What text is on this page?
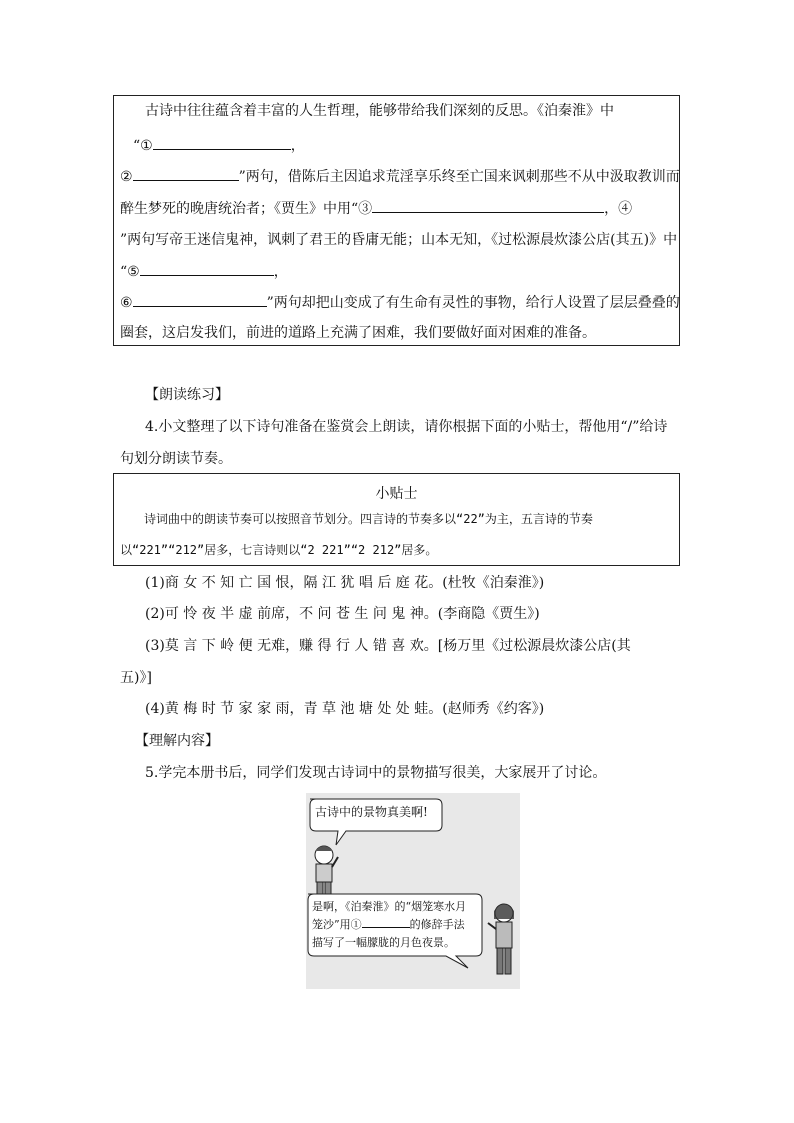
古诗中往往蕴含着丰富的人生哲理，能够带给我们深刻的反思。《泊秦淮》中
“①	，
②	”两句，借陈后主因追求荒淫享乐终至亡国来讽刺那些不从中汲取教训而
醉生梦死的晚唐统治者；《贾生》中用“③	，④
”两句写帝王迷信鬼神，讽刺了君王的昏庸无能；山本无知，《过松源晨炊漆公店(其五)》中
“⑤	，
⑥	”两句却把山变成了有生命有灵性的事物，给行人设置了层层叠叠的
圈套，这启发我们，前进的道路上充满了困难，我们要做好面对困难的准备。
【朗读练习】
4.小文整理了以下诗句准备在鉴赏会上朗读，请你根据下面的小贴士，帮他用“/”给诗
句划分朗读节奏。
小贴士
诗词曲中的朗读节奏可以按照音节划分。四言诗的节奏多以“22”为主，五言诗的节奏
以“221”“212”居多，七言诗则以“2 221”“2 212”居多。
(1)商 女 不 知 亡 国 恨，隔 江 犹 唱 后 庭 花。(杜牧《泊秦淮》)
(2)可 怜 夜 半 虚 前席，不 问 苍 生 问 鬼 神。(李商隐《贾生》)
(3)莫 言 下 岭 便 无难，赚 得 行 人 错 喜 欢。[杨万里《过松源晨炊漆公店(其
五)》]
(4)黄 梅 时 节 家 家 雨，青 草 池 塘 处 处 蛙。(赵师秀《约客》)
【理解内容】
5.学完本册书后，同学们发现古诗词中的景物描写很美，大家展开了讨论。
古诗中的景物真美啊!
是啊，《泊秦淮》的“烟笼寒水月
笼沙”用①	的修辞手法
描写了一幅朦胧的月色夜景。
